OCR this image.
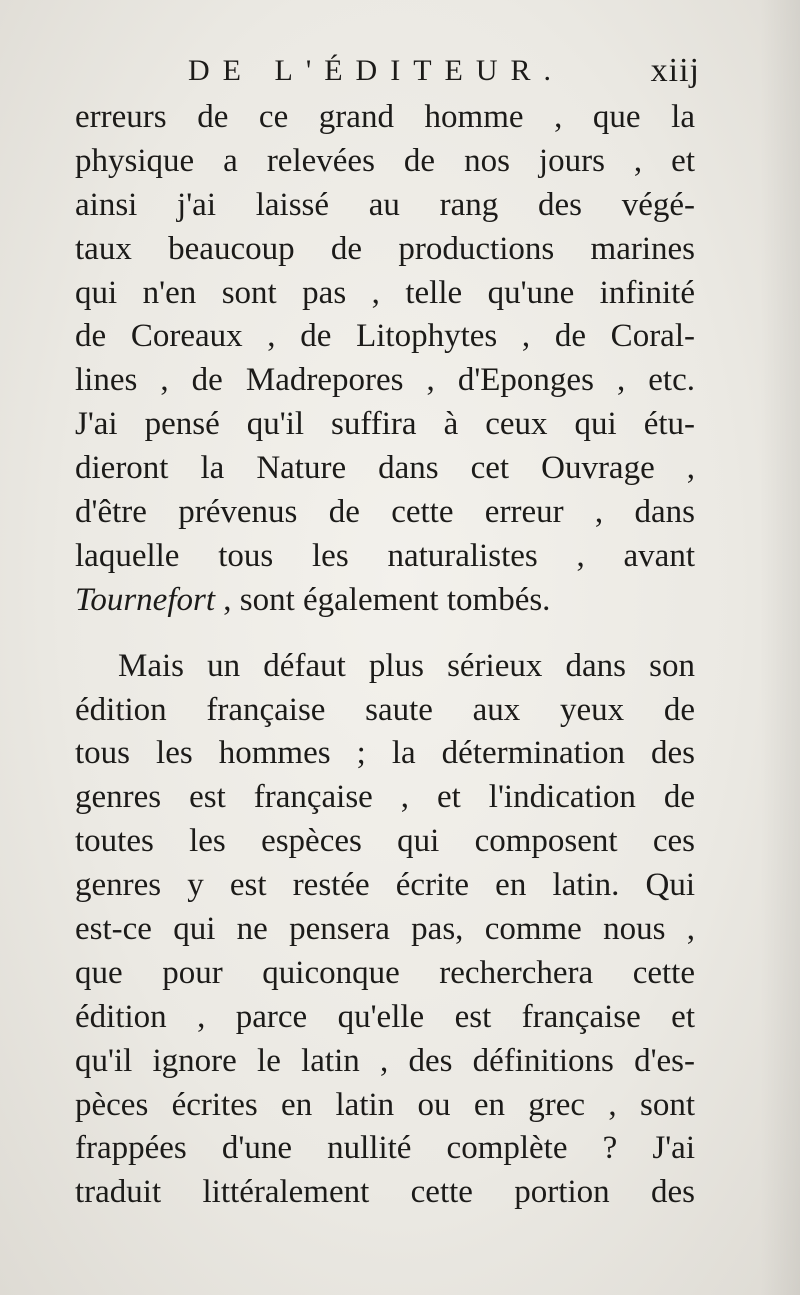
DE L'ÉDITEUR.	xiij
erreurs de ce grand homme , que la
physique a relevées de nos jours , et
ainsi j'ai laissé au rang des végé-
taux beaucoup de productions marines
qui n'en sont pas , telle qu'une infinité
de Coreaux , de Litophytes , de Coral-
lines , de Madrepores , d'Eponges , etc.
J'ai pensé qu'il suffira à ceux qui étu-
dieront la Nature dans cet Ouvrage ,
d'être prévenus de cette erreur , dans
laquelle tous les naturalistes , avant
Tournefort , sont également tombés.
Mais un défaut plus sérieux dans son
édition française saute aux yeux de
tous les hommes ; la détermination des
genres est française , et l'indication de
toutes les espèces qui composent ces
genres y est restée écrite en latin. Qui
est-ce qui ne pensera pas, comme nous ,
que pour quiconque recherchera cette
édition , parce qu'elle est française et
qu'il ignore le latin , des définitions d'es-
pèces écrites en latin ou en grec , sont
frappées d'une nullité complète ? J'ai
traduit littéralement cette portion des
